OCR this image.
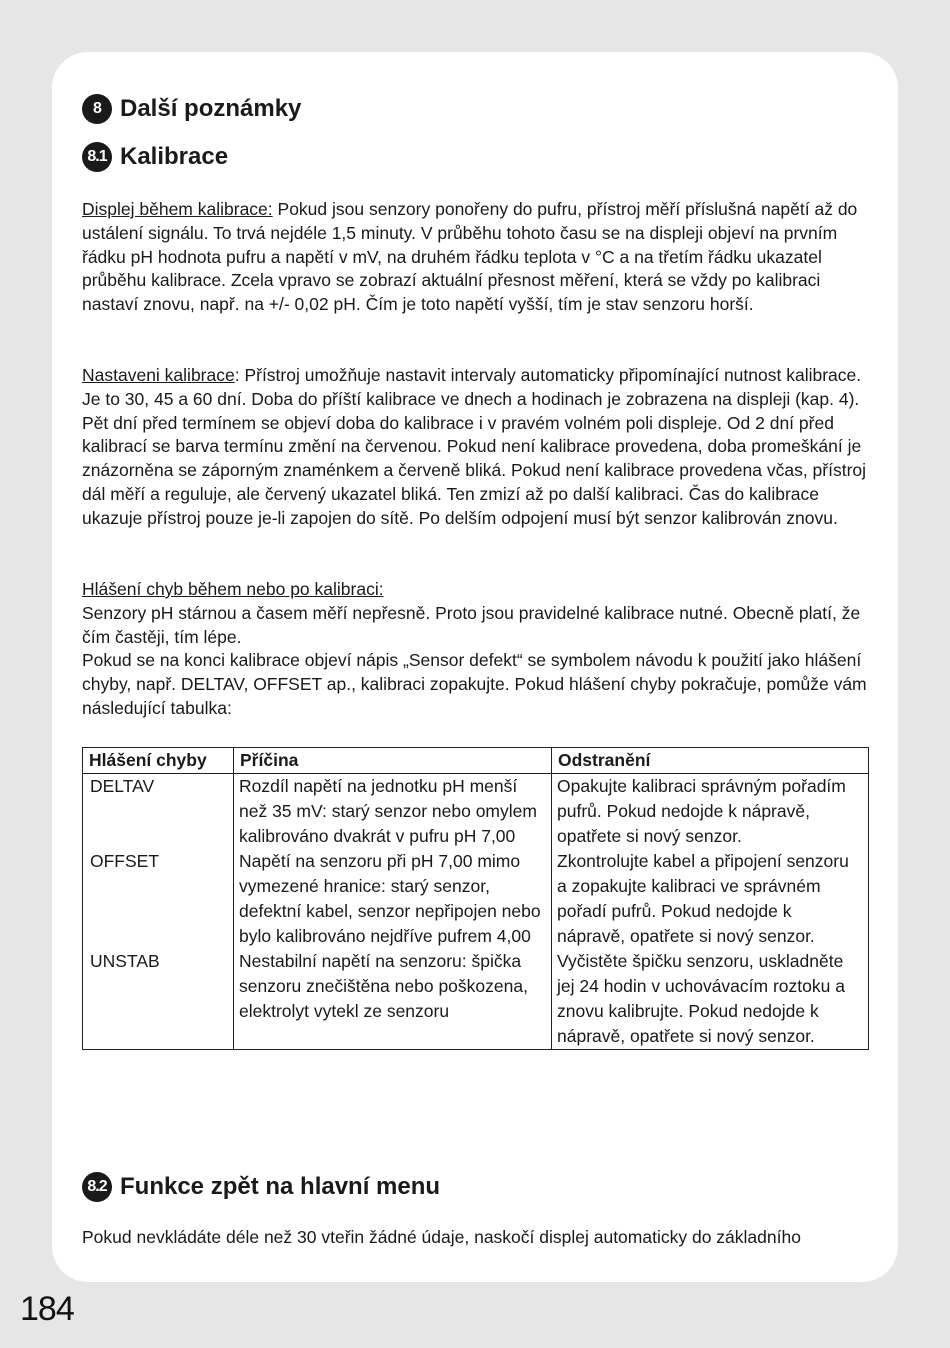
8 Další poznámky
8.1 Kalibrace
Displej během kalibrace: Pokud jsou senzory ponořeny do pufru, přístroj měří příslušná napětí až do ustálení signálu. To trvá nejdéle 1,5 minuty. V průběhu tohoto času se na displeji objeví na prvním řádku pH hodnota pufru a napětí v mV, na druhém řádku teplota v °C a na třetím řádku ukazatel průběhu kalibrace. Zcela vpravo se zobrazí aktuální přesnost měření, která se vždy po kalibraci nastaví znovu, např. na +/- 0,02 pH. Čím je toto napětí vyšší, tím je stav senzoru horší.
Nastaveni kalibrace: Přístroj umožňuje nastavit intervaly automaticky připomínající nutnost kalibrace. Je to 30, 45 a 60 dní. Doba do příští kalibrace ve dnech a hodinach je zobrazena na displeji (kap. 4). Pět dní před termínem se objeví doba do kalibrace i v pravém volném poli displeje. Od 2 dní před kalibrací se barva termínu změní na červenou. Pokud není kalibrace provedena, doba promeškání je znázorněna se záporným znaménkem a červeně bliká. Pokud není kalibrace provedena včas, přístroj dál měří a reguluje, ale červený ukazatel bliká. Ten zmizí až po další kalibraci. Čas do kalibrace ukazuje přístroj pouze je-li zapojen do sítě. Po delším odpojení musí být senzor kalibrován znovu.
Hlášení chyb během nebo po kalibraci:
Senzory pH stárnou a časem měří nepřesně. Proto jsou pravidelné kalibrace nutné. Obecně platí, že čím častěji, tím lépe.
Pokud se na konci kalibrace objeví nápis „Sensor defekt“ se symbolem návodu k použití jako hlášení chyby, např. DELTAV, OFFSET ap., kalibraci zopakujte. Pokud hlášení chyby pokračuje, pomůže vám následující tabulka:
Hlášení chyby	Příčina	Odstranění
DELTAV	Rozdíl napětí na jednotku pH menší než 35 mV: starý senzor nebo omylem kalibrováno dvakrát v pufru pH 7,00	Opakujte kalibraci správným pořadím pufrů. Pokud nedojde k nápravě, opatřete si nový senzor.
OFFSET	Napětí na senzoru při pH 7,00 mimo vymezené hranice: starý senzor, defektní kabel, senzor nepřipojen nebo bylo kalibrováno nejdříve pufrem 4,00	Zkontrolujte kabel a připojení senzoru a zopakujte kalibraci ve správném pořadí pufrů. Pokud nedojde k nápravě, opatřete si nový senzor.
UNSTAB	Nestabilní napětí na senzoru: špička senzoru znečištěna nebo poškozena, elektrolyt vytekl ze senzoru	Vyčistěte špičku senzoru, uskladněte jej 24 hodin v uchovávacím roztoku a znovu kalibrujte. Pokud nedojde k nápravě, opatřete si nový senzor.
8.2 Funkce zpět na hlavní menu
Pokud nevkládáte déle než 30 vteřin žádné údaje, naskočí displej automaticky do základního
184
